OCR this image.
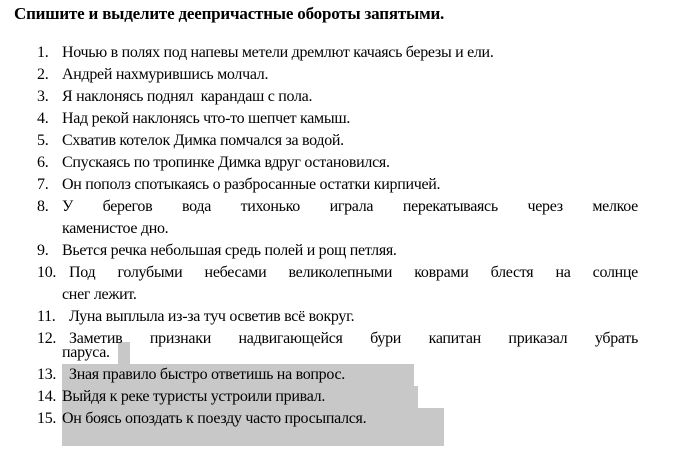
Спишите и выделите деепричастные обороты запятыми.
1. Ночью в полях под напевы метели дремлют качаясь березы и ели.
2. Андрей нахмурившись молчал.
3. Я наклонясь поднял  карандаш с пола.
4. Над рекой наклонясь что-то шепчет камыш.
5. Схватив котелок Димка помчался за водой.
6. Спускаясь по тропинке Димка вдруг остановился.
7. Он пополз спотыкаясь о разбросанные остатки кирпичей.
8. У берегов вода тихонько играла перекатываясь через мелкое
каменистое дно.
9. Вьется речка небольшая средь полей и рощ петляя.
10. Под голубыми небесами великолепными коврами блестя на солнце
снег лежит.
11. Луна выплыла из-за туч осветив всё вокруг.
12. Заметив признаки надвигающейся бури капитан приказал убрать
паруса.
13. Зная правило быстро ответишь на вопрос.
14. Выйдя к реке туристы устроили привал.
15. Он боясь опоздать к поезду часто просыпался.
